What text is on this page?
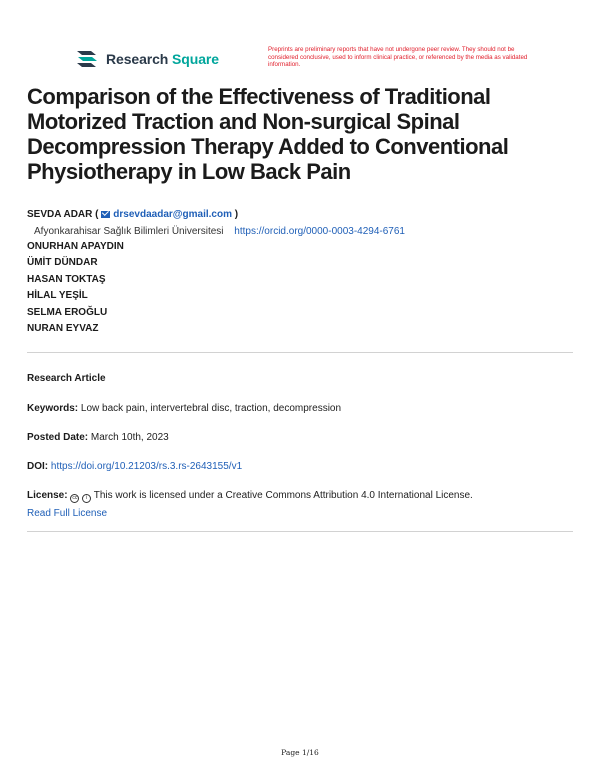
Research Square
Preprints are preliminary reports that have not undergone peer review. They should not be considered conclusive, used to inform clinical practice, or referenced by the media as validated information.
Comparison of the Effectiveness of Traditional Motorized Traction and Non-surgical Spinal Decompression Therapy Added to Conventional Physiotherapy in Low Back Pain
SEVDA ADAR ( drsevdaadar@gmail.com )
Afyonkarahisar Sağlık Bilimleri Üniversitesi https://orcid.org/0000-0003-4294-6761
ONURHAN APAYDIN
ÜMİT DÜNDAR
HASAN TOKTAŞ
HİLAL YEŞİL
SELMA EROĞLU
NURAN EYVAZ
Research Article
Keywords: Low back pain, intervertebral disc, traction, decompression
Posted Date: March 10th, 2023
DOI: https://doi.org/10.21203/rs.3.rs-2643155/v1
License: cc i This work is licensed under a Creative Commons Attribution 4.0 International License.
Read Full License
Page 1/16
